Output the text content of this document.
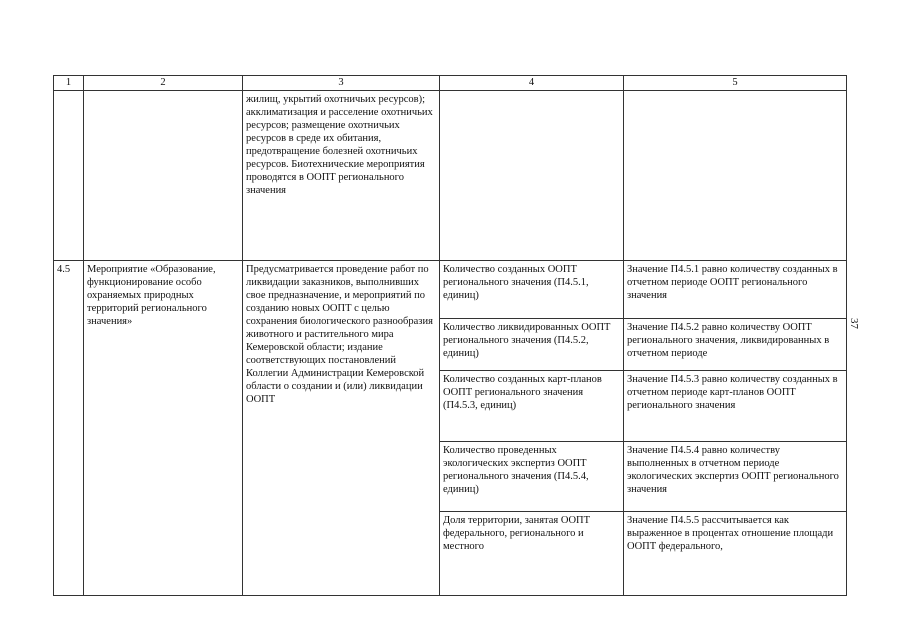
1	2	3	4	5
		жилищ, укрытий охотничьих ресурсов); акклиматизация и расселение охотничьих ресурсов; размещение охотничьих ресурсов в среде их обитания, предотвращение болезней охотничьих ресурсов. Биотехнические мероприятия проводятся в ООПТ регионального значения		
4.5	Мероприятие «Образование, функционирование особо охраняемых природных территорий регионального значения»	Предусматривается проведение работ по ликвидации заказников, выполнивших свое предназначение, и мероприятий по созданию новых ООПТ с целью сохранения биологического разнообразия животного и растительного мира Кемеровской области; издание соответствующих постановлений Коллегии Администрации Кемеровской области о создании и (или) ликвидации ООПТ	Количество созданных ООПТ регионального значения (П4.5.1, единиц)	Значение П4.5.1 равно количеству созданных в отчетном периоде ООПТ регионального значения
			Количество ликвидированных ООПТ регионального значения (П4.5.2, единиц)	Значение П4.5.2 равно количеству ООПТ регионального значения, ликвидированных в отчетном периоде
			Количество созданных карт-планов ООПТ регионального значения (П4.5.3, единиц)	Значение П4.5.3 равно количеству созданных в отчетном периоде карт-планов ООПТ регионального значения
			Количество проведенных экологических экспертиз ООПТ регионального значения (П4.5.4, единиц)	Значение П4.5.4 равно количеству выполненных в отчетном периоде экологических экспертиз ООПТ регионального значения
			Доля территории, занятая ООПТ федерального, регионального и местного	Значение П4.5.5 рассчитывается как выраженное в процентах отношение площади ООПТ федерального,
37
